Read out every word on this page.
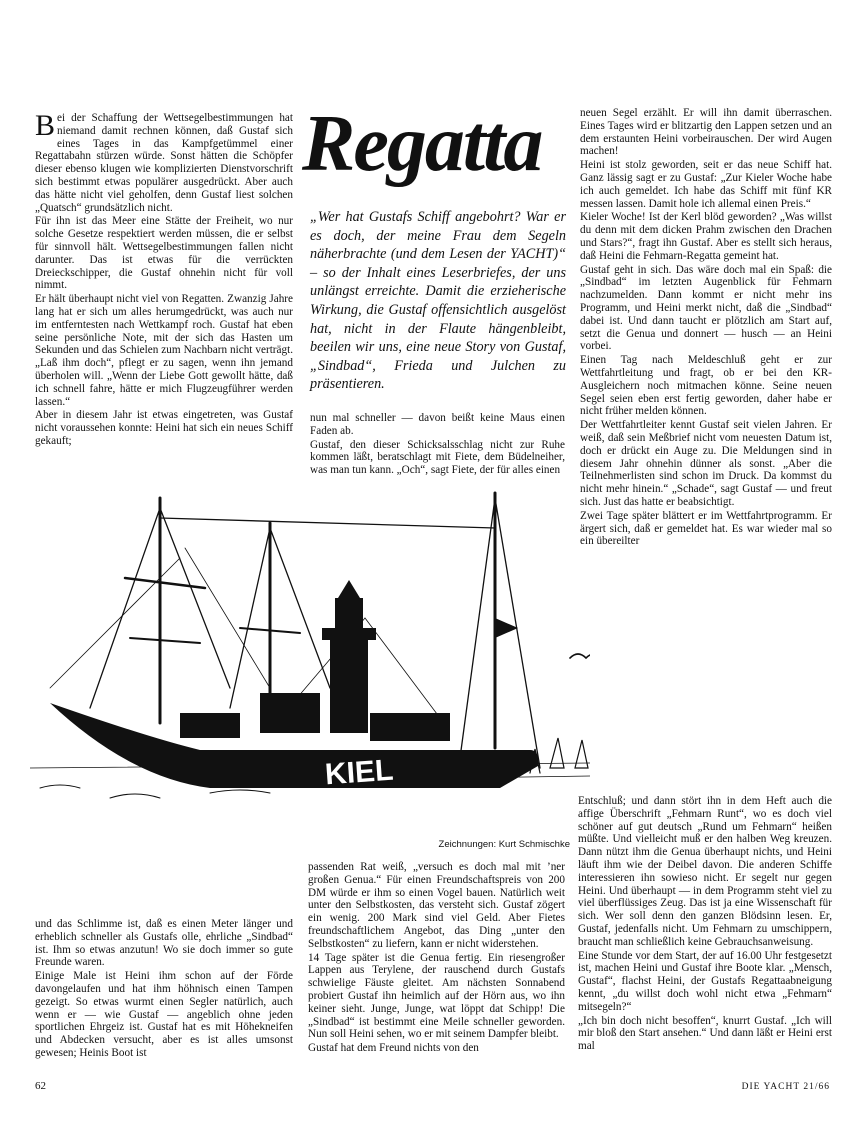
Bei der Schaffung der Wettsegelbestimmungen hat niemand damit rechnen können, daß Gustaf sich eines Tages in das Kampfgetümmel einer Regattabahn stürzen würde. Sonst hätten die Schöpfer dieser ebenso klugen wie komplizierten Dienstvorschrift sich bestimmt etwas populärer ausgedrückt. Aber auch das hätte nicht viel geholfen, denn Gustaf liest solchen „Quatsch“ grundsätzlich nicht.

Für ihn ist das Meer eine Stätte der Freiheit, wo nur solche Gesetze respektiert werden müssen, die er selbst für sinnvoll hält. Wettsegelbestimmungen fallen nicht darunter. Das ist etwas für die verrückten Dreieckschipper, die Gustaf ohnehin nicht für voll nimmt.

Er hält überhaupt nicht viel von Regatten. Zwanzig Jahre lang hat er sich um alles herumgedrückt, was auch nur im entferntesten nach Wettkampf roch. Gustaf hat eben seine persönliche Note, mit der sich das Hasten um Sekunden und das Schielen zum Nachbarn nicht verträgt. „Laß ihm doch“, pflegt er zu sagen, wenn ihn jemand überholen will. „Wenn der Liebe Gott gewollt hätte, daß ich schnell fahre, hätte er mich Flugzeugführer werden lassen.“

Aber in diesem Jahr ist etwas eingetreten, was Gustaf nicht voraussehen konnte: Heini hat sich ein neues Schiff gekauft;

Regatta
„Wer hat Gustafs Schiff angebohrt? War er es doch, der meine Frau dem Segeln näherbrachte (und dem Lesen der YACHT)“ – so der Inhalt eines Leserbriefes, der uns unlängst erreichte. Damit die erzieherische Wirkung, die Gustaf offensichtlich ausgelöst hat, nicht in der Flaute hängenbleibt, beeilen wir uns, eine neue Story von Gustaf, „Sindbad“, Frieda und Julchen zu präsentieren.

nun mal schneller — davon beißt keine Maus einen Faden ab.

Gustaf, den dieser Schicksalsschlag nicht zur Ruhe kommen läßt, beratschlagt mit Fiete, dem Büdelneiher, was man tun kann. „Och“, sagt Fiete, der für alles einen

neuen Segel erzählt. Er will ihn damit überraschen. Eines Tages wird er blitzartig den Lappen setzen und an dem erstaunten Heini vorbeirauschen. Der wird Augen machen!

Heini ist stolz geworden, seit er das neue Schiff hat. Ganz lässig sagt er zu Gustaf: „Zur Kieler Woche habe ich auch gemeldet. Ich habe das Schiff mit fünf KR messen lassen. Damit hole ich allemal einen Preis.“

Kieler Woche! Ist der Kerl blöd geworden? „Was willst du denn mit dem dicken Prahm zwischen den Drachen und Stars?“, fragt ihn Gustaf. Aber es stellt sich heraus, daß Heini die Fehmarn-Regatta gemeint hat.

Gustaf geht in sich. Das wäre doch mal ein Spaß: die „Sindbad“ im letzten Augenblick für Fehmarn nachzumelden. Dann kommt er nicht mehr ins Programm, und Heini merkt nicht, daß die „Sindbad“ dabei ist. Und dann taucht er plötzlich am Start auf, setzt die Genua und donnert — husch — an Heini vorbei.

Einen Tag nach Meldeschluß geht er zur Wettfahrtleitung und fragt, ob er bei den KR-Ausgleichern noch mitmachen könne. Seine neuen Segel seien eben erst fertig geworden, daher habe er nicht früher melden können.

Der Wettfahrtleiter kennt Gustaf seit vielen Jahren. Er weiß, daß sein Meßbrief nicht vom neuesten Datum ist, doch er drückt ein Auge zu. Die Meldungen sind in diesem Jahr ohnehin dünner als sonst. „Aber die Teilnehmerlisten sind schon im Druck. Da kommst du nicht mehr hinein.“ „Schade“, sagt Gustaf — und freut sich. Just das hatte er beabsichtigt.

Zwei Tage später blättert er im Wettfahrtprogramm. Er ärgert sich, daß er gemeldet hat. Es war wieder mal so ein übereilter

KIEL
Zeichnungen: Kurt Schmischke

und das Schlimme ist, daß es einen Meter länger und erheblich schneller als Gustafs olle, ehrliche „Sindbad“ ist. Ihm so etwas anzutun! Wo sie doch immer so gute Freunde waren.

Einige Male ist Heini ihm schon auf der Förde davongelaufen und hat ihm höhnisch einen Tampen gezeigt. So etwas wurmt einen Segler natürlich, auch wenn er — wie Gustaf — angeblich ohne jeden sportlichen Ehrgeiz ist. Gustaf hat es mit Höhekneifen und Abdecken versucht, aber es ist alles umsonst gewesen; Heinis Boot ist

passenden Rat weiß, „versuch es doch mal mit ’ner großen Genua.“ Für einen Freundschaftspreis von 200 DM würde er ihm so einen Vogel bauen. Natürlich weit unter den Selbstkosten, das versteht sich. Gustaf zögert ein wenig. 200 Mark sind viel Geld. Aber Fietes freundschaftlichem Angebot, das Ding „unter den Selbstkosten“ zu liefern, kann er nicht widerstehen.

14 Tage später ist die Genua fertig. Ein riesengroßer Lappen aus Terylene, der rauschend durch Gustafs schwielige Fäuste gleitet. Am nächsten Sonnabend probiert Gustaf ihn heimlich auf der Hörn aus, wo ihn keiner sieht. Junge, Junge, wat löppt dat Schipp! Die „Sindbad“ ist bestimmt eine Meile schneller geworden. Nun soll Heini sehen, wo er mit seinem Dampfer bleibt.

Gustaf hat dem Freund nichts von den

Entschluß; und dann stört ihn in dem Heft auch die affige Überschrift „Fehmarn Runt“, wo es doch viel schöner auf gut deutsch „Rund um Fehmarn“ heißen müßte. Und vielleicht muß er den halben Weg kreuzen. Dann nützt ihm die Genua überhaupt nichts, und Heini läuft ihm wie der Deibel davon. Die anderen Schiffe interessieren ihn sowieso nicht. Er segelt nur gegen Heini. Und überhaupt — in dem Programm steht viel zu viel überflüssiges Zeug. Das ist ja eine Wissenschaft für sich. Wer soll denn den ganzen Blödsinn lesen. Er, Gustaf, jedenfalls nicht. Um Fehmarn zu umschippern, braucht man schließlich keine Gebrauchsanweisung.

Eine Stunde vor dem Start, der auf 16.00 Uhr festgesetzt ist, machen Heini und Gustaf ihre Boote klar. „Mensch, Gustaf“, flachst Heini, der Gustafs Regattaabneigung kennt, „du willst doch wohl nicht etwa „Fehmarn“ mitsegeln?“

„Ich bin doch nicht besoffen“, knurrt Gustaf. „Ich will mir bloß den Start ansehen.“ Und dann läßt er Heini erst mal

62	DIE YACHT 21/66
